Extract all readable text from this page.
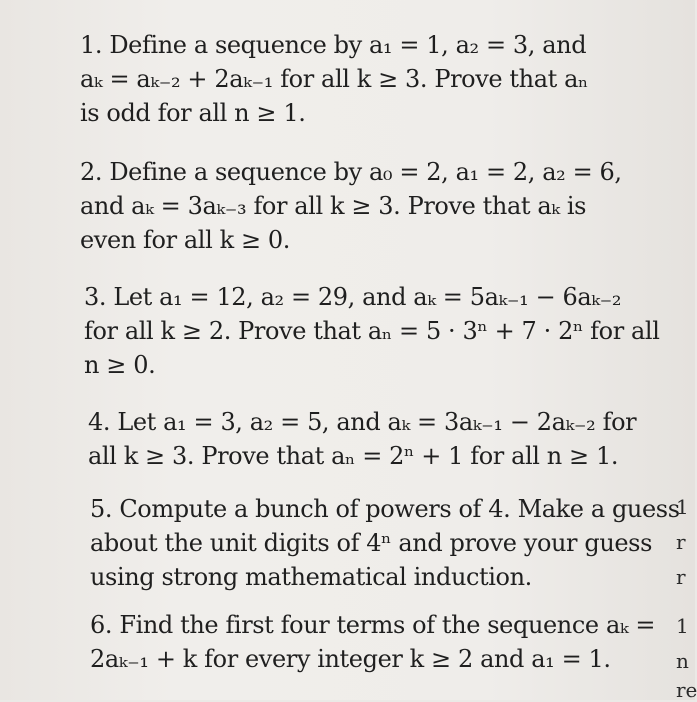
1. Define a sequence by a₁ = 1, a₂ = 3, and
aₖ = aₖ₋₂ + 2aₖ₋₁ for all k ≥ 3. Prove that aₙ
is odd for all n ≥ 1.
2. Define a sequence by a₀ = 2, a₁ = 2, a₂ = 6,
and aₖ = 3aₖ₋₃ for all k ≥ 3. Prove that aₖ is
even for all k ≥ 0.
3. Let a₁ = 12, a₂ = 29, and aₖ = 5aₖ₋₁ − 6aₖ₋₂
for all k ≥ 2. Prove that aₙ = 5 · 3ⁿ + 7 · 2ⁿ for all
n ≥ 0.
4. Let a₁ = 3, a₂ = 5, and aₖ = 3aₖ₋₁ − 2aₖ₋₂ for
all k ≥ 3. Prove that aₙ = 2ⁿ + 1 for all n ≥ 1.
5. Compute a bunch of powers of 4. Make a guess
about the unit digits of 4ⁿ and prove your guess
using strong mathematical induction.
6. Find the first four terms of the sequence aₖ =
2aₖ₋₁ + k for every integer k ≥ 2 and a₁ = 1.
1
r
r
1
n
re
